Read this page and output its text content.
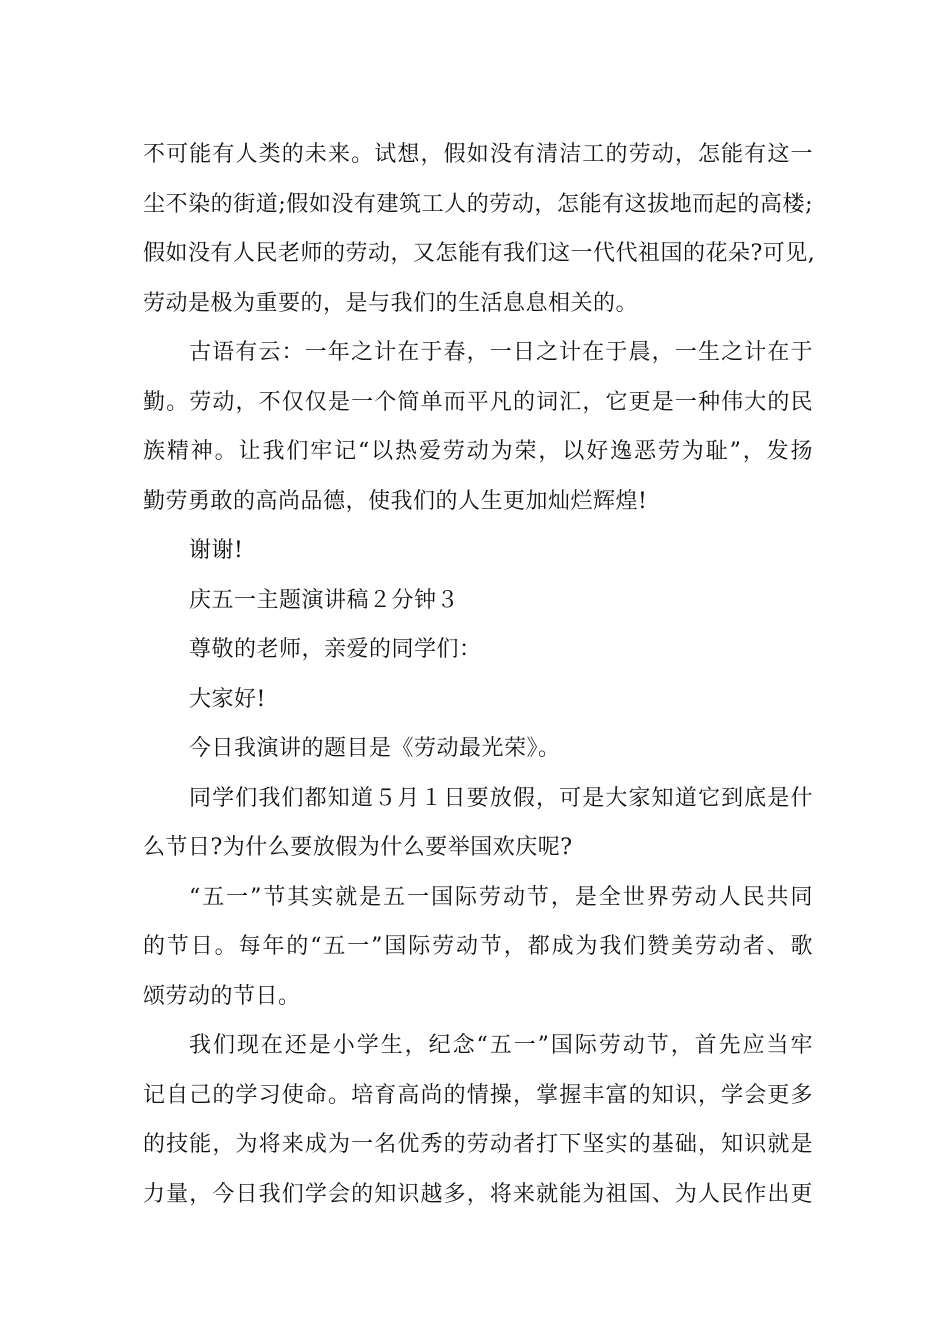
不可能有人类的未来。试想，假如没有清洁工的劳动，怎能有这一
尘不染的街道;假如没有建筑工人的劳动，怎能有这拔地而起的高楼;
假如没有人民老师的劳动，又怎能有我们这一代代祖国的花朵?可见,
劳动是极为重要的，是与我们的生活息息相关的。
古语有云：一年之计在于春，一日之计在于晨，一生之计在于
勤。劳动，不仅仅是一个简单而平凡的词汇，它更是一种伟大的民
族精神。让我们牢记“以热爱劳动为荣，以好逸恶劳为耻”，发扬
勤劳勇敢的高尚品德，使我们的人生更加灿烂辉煌!
谢谢!
庆五一主题演讲稿２分钟３
尊敬的老师，亲爱的同学们：
大家好!
今日我演讲的题目是《劳动最光荣》。
同学们我们都知道５月１日要放假，可是大家知道它到底是什
么节日?为什么要放假为什么要举国欢庆呢?
“五一”节其实就是五一国际劳动节，是全世界劳动人民共同
的节日。每年的“五一”国际劳动节，都成为我们赞美劳动者、歌
颂劳动的节日。
我们现在还是小学生，纪念“五一”国际劳动节，首先应当牢
记自己的学习使命。培育高尚的情操，掌握丰富的知识，学会更多
的技能，为将来成为一名优秀的劳动者打下坚实的基础，知识就是
力量，今日我们学会的知识越多，将来就能为祖国、为人民作出更
